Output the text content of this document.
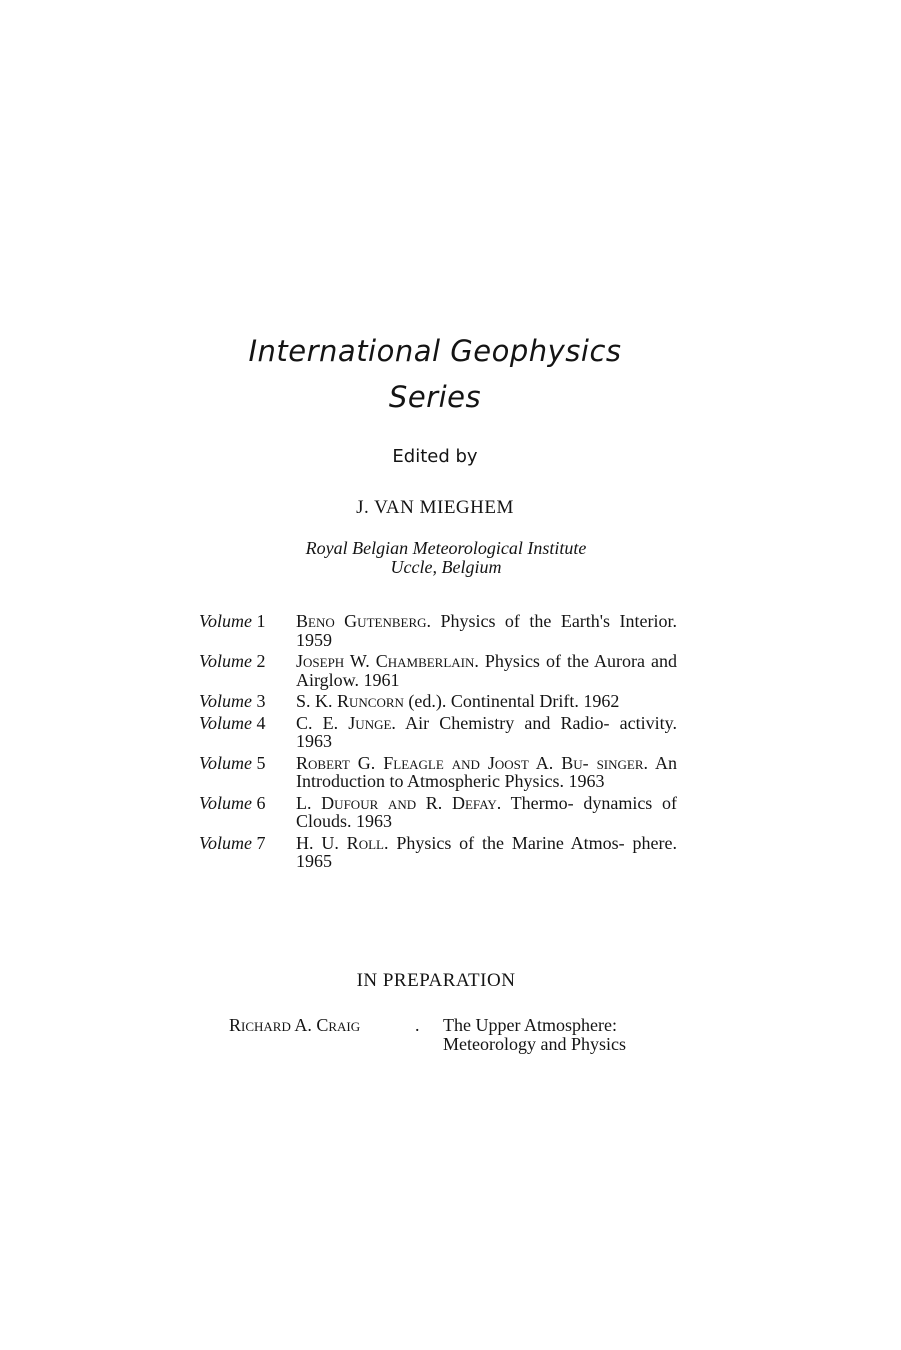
International Geophysics
Series
Edited by
J. VAN MIEGHEM
Royal Belgian Meteorological Institute
Uccle, Belgium
Volume 1	Beno Gutenberg. Physics of the Earth's Interior. 1959
Volume 2	Joseph W. Chamberlain. Physics of the Aurora and Airglow. 1961
Volume 3	S. K. Runcorn (ed.). Continental Drift. 1962
Volume 4	C. E. Junge. Air Chemistry and Radio- activity. 1963
Volume 5	Robert G. Fleagle and Joost A. Bu- singer. An Introduction to Atmospheric Physics. 1963
Volume 6	L. Dufour and R. Defay. Thermo- dynamics of Clouds. 1963
Volume 7	H. U. Roll. Physics of the Marine Atmos- phere. 1965
IN PREPARATION
Richard A. Craig	. The Upper Atmosphere:
Meteorology and Physics
